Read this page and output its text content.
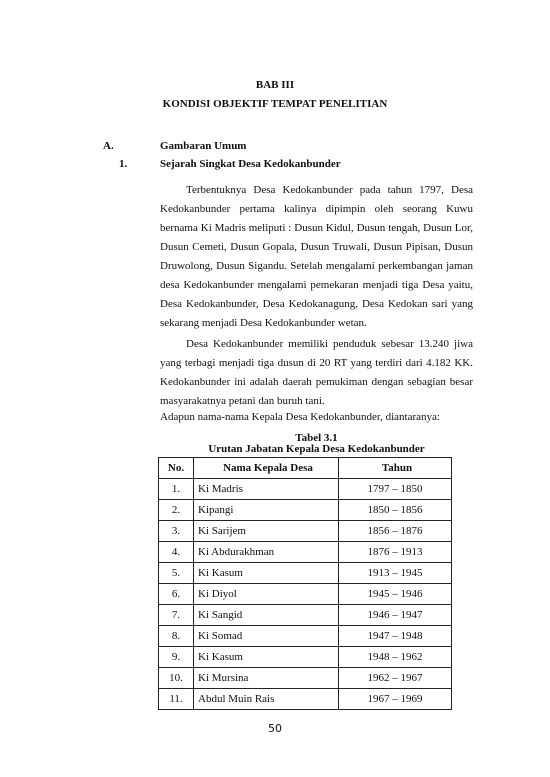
BAB III
KONDISI OBJEKTIF TEMPAT PENELITIAN
A.	Gambaran Umum
1.	Sejarah Singkat Desa Kedokanbunder
Terbentuknya Desa Kedokanbunder pada tahun 1797, Desa
Kedokanbunder pertama kalinya dipimpin oleh seorang Kuwu
bernama Ki Madris meliputi : Dusun Kidul, Dusun tengah, Dusun Lor,
Dusun Cemeti, Dusun Gopala, Dusun Truwali, Dusun Pipisan, Dusun
Druwolong, Dusun Sigandu. Setelah mengalami perkembangan jaman
desa Kedokanbunder mengalami pemekaran menjadi tiga Desa yaitu,
Desa Kedokanbunder, Desa Kedokanagung, Desa Kedokan sari yang
sekarang menjadi Desa Kedokanbunder wetan.
Desa Kedokanbunder memiliki penduduk sebesar 13.240 jiwa
yang terbagi menjadi tiga dusun di 20 RT yang terdiri dari 4.182 KK.
Kedokanbunder ini adalah daerah pemukiman dengan sebagian besar
masyarakatnya petani dan buruh tani.
Adapun nama-nama Kepala Desa Kedokanbunder, diantaranya:
Tabel 3.1
Urutan Jabatan Kepala Desa Kedokanbunder
No.	Nama Kepala Desa	Tahun
1.	Ki Madris	1797 – 1850
2.	Kipangi	1850 – 1856
3.	Ki Sarijem	1856 – 1876
4.	Ki Abdurakhman	1876 – 1913
5.	Ki Kasum	1913 – 1945
6.	Ki Diyol	1945 – 1946
7.	Ki Sangid	1946 – 1947
8.	Ki Somad	1947 – 1948
9.	Ki Kasum	1948 – 1962
10.	Ki Mursina	1962 – 1967
11.	Abdul Muin Rais	1967 – 1969
50
